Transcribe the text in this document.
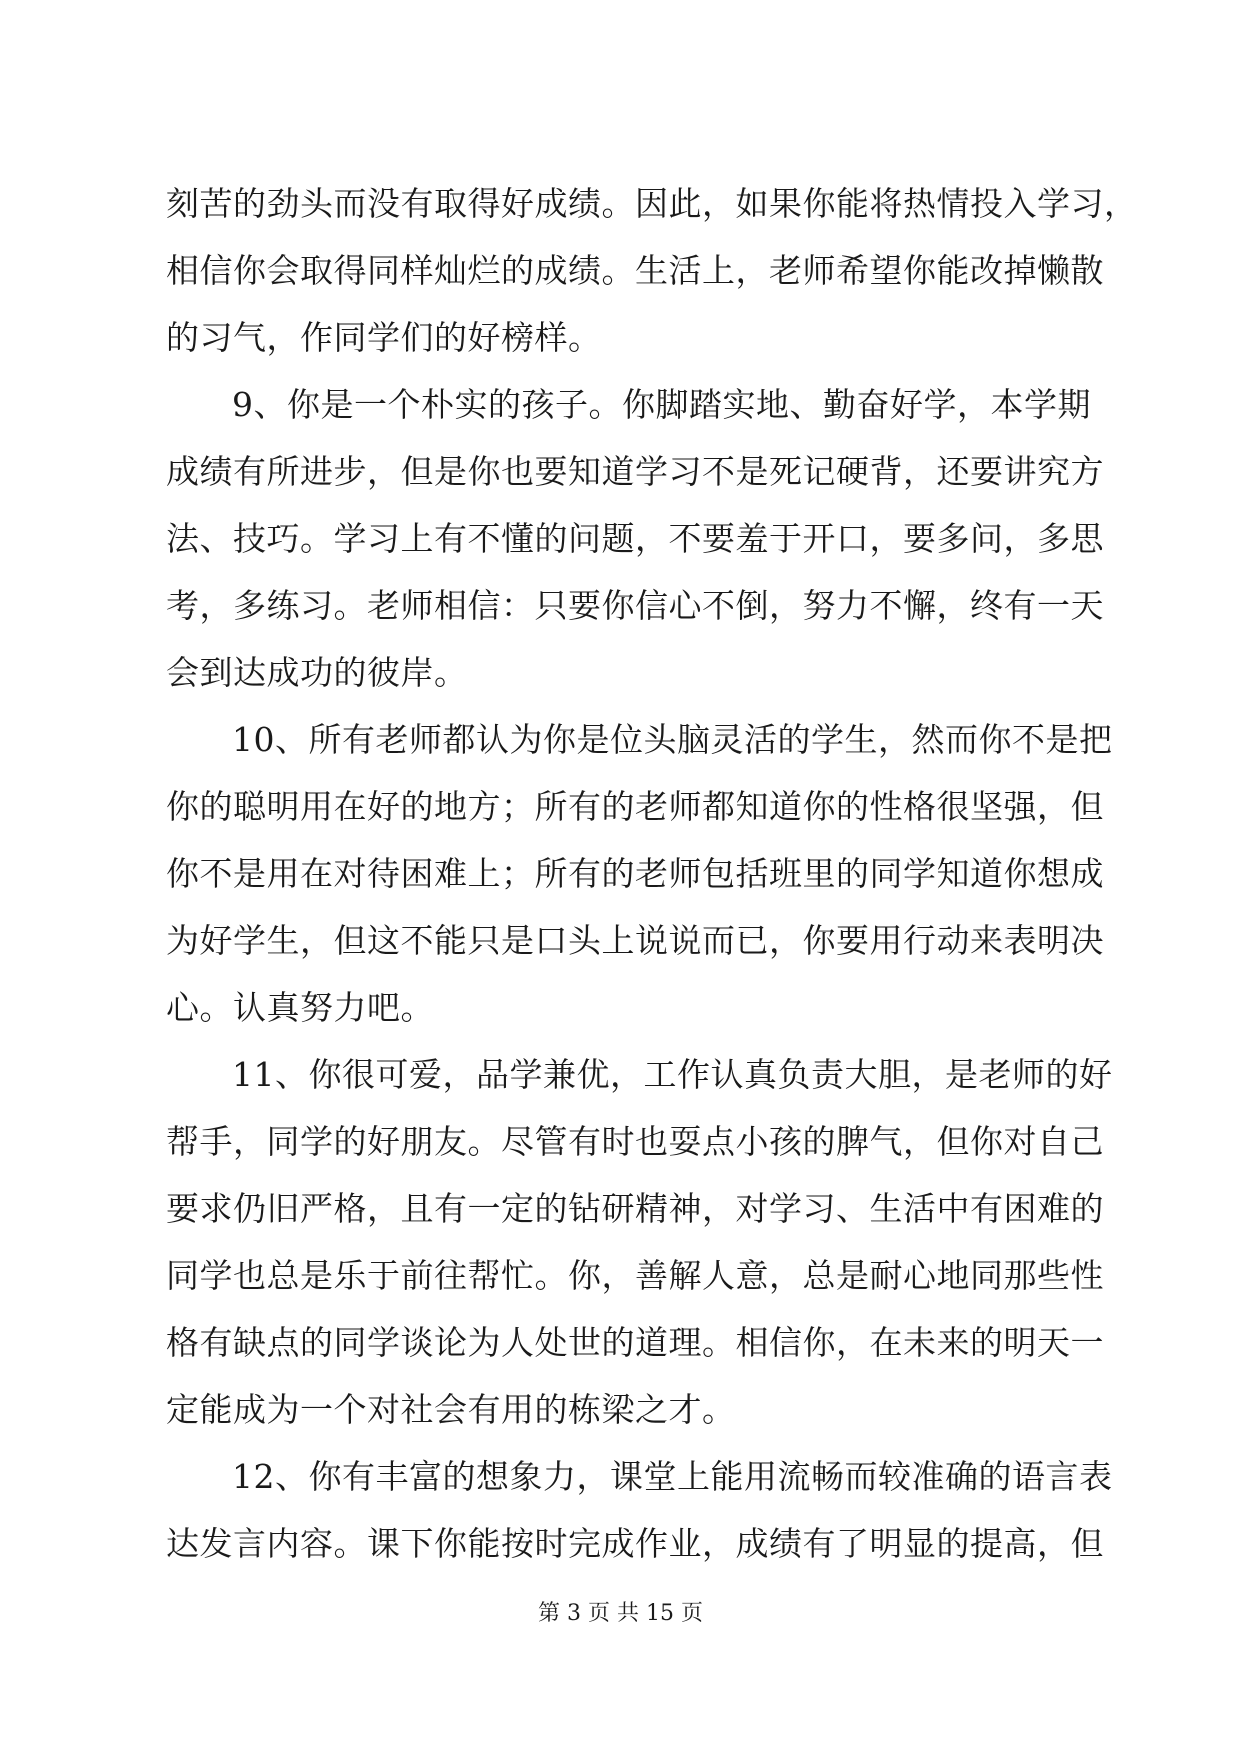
刻苦的劲头而没有取得好成绩。因此，如果你能将热情投入学习，
相信你会取得同样灿烂的成绩。生活上，老师希望你能改掉懒散
的习气，作同学们的好榜样。
9、你是一个朴实的孩子。你脚踏实地、勤奋好学，本学期
成绩有所进步，但是你也要知道学习不是死记硬背，还要讲究方
法、技巧。学习上有不懂的问题，不要羞于开口，要多问，多思
考，多练习。老师相信：只要你信心不倒，努力不懈，终有一天
会到达成功的彼岸。
10、所有老师都认为你是位头脑灵活的学生，然而你不是把
你的聪明用在好的地方；所有的老师都知道你的性格很坚强，但
你不是用在对待困难上；所有的老师包括班里的同学知道你想成
为好学生，但这不能只是口头上说说而已，你要用行动来表明决
心。认真努力吧。
11、你很可爱，品学兼优，工作认真负责大胆，是老师的好
帮手，同学的好朋友。尽管有时也耍点小孩的脾气，但你对自己
要求仍旧严格，且有一定的钻研精神，对学习、生活中有困难的
同学也总是乐于前往帮忙。你，善解人意，总是耐心地同那些性
格有缺点的同学谈论为人处世的道理。相信你，在未来的明天一
定能成为一个对社会有用的栋梁之才。
12、你有丰富的想象力，课堂上能用流畅而较准确的语言表
达发言内容。课下你能按时完成作业，成绩有了明显的提高，但
第 3 页 共 15 页
